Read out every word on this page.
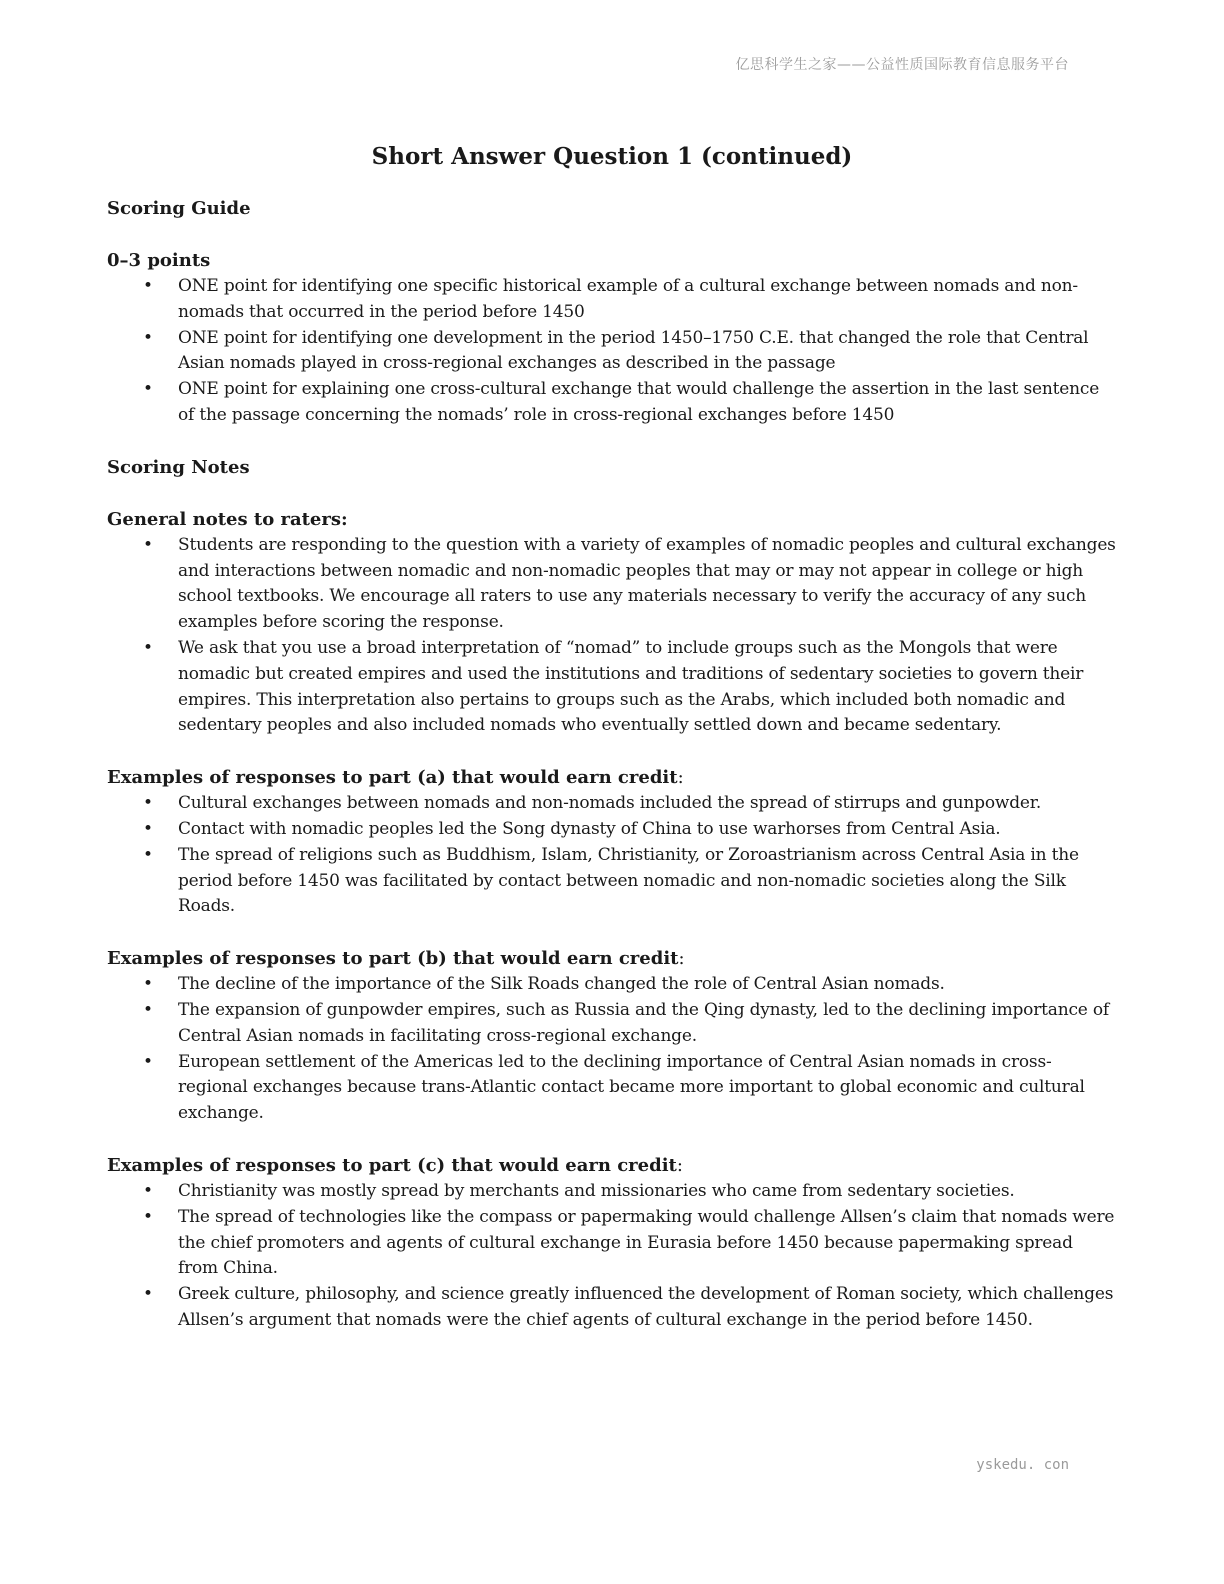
亿思科学生之家——公益性质国际教育信息服务平台
Short Answer Question 1 (continued)
Scoring Guide
0–3 points
• ONE point for identifying one specific historical example of a cultural exchange between nomads and non-nomads that occurred in the period before 1450
• ONE point for identifying one development in the period 1450–1750 C.E. that changed the role that Central Asian nomads played in cross-regional exchanges as described in the passage
• ONE point for explaining one cross-cultural exchange that would challenge the assertion in the last sentence of the passage concerning the nomads’ role in cross-regional exchanges before 1450
Scoring Notes
General notes to raters:
• Students are responding to the question with a variety of examples of nomadic peoples and cultural exchanges and interactions between nomadic and non-nomadic peoples that may or may not appear in college or high school textbooks. We encourage all raters to use any materials necessary to verify the accuracy of any such examples before scoring the response.
• We ask that you use a broad interpretation of “nomad” to include groups such as the Mongols that were nomadic but created empires and used the institutions and traditions of sedentary societies to govern their empires. This interpretation also pertains to groups such as the Arabs, which included both nomadic and sedentary peoples and also included nomads who eventually settled down and became sedentary.
Examples of responses to part (a) that would earn credit:
• Cultural exchanges between nomads and non-nomads included the spread of stirrups and gunpowder.
• Contact with nomadic peoples led the Song dynasty of China to use warhorses from Central Asia.
• The spread of religions such as Buddhism, Islam, Christianity, or Zoroastrianism across Central Asia in the period before 1450 was facilitated by contact between nomadic and non-nomadic societies along the Silk Roads.
Examples of responses to part (b) that would earn credit:
• The decline of the importance of the Silk Roads changed the role of Central Asian nomads.
• The expansion of gunpowder empires, such as Russia and the Qing dynasty, led to the declining importance of Central Asian nomads in facilitating cross-regional exchange.
• European settlement of the Americas led to the declining importance of Central Asian nomads in cross-regional exchanges because trans-Atlantic contact became more important to global economic and cultural exchange.
Examples of responses to part (c) that would earn credit:
• Christianity was mostly spread by merchants and missionaries who came from sedentary societies.
• The spread of technologies like the compass or papermaking would challenge Allsen’s claim that nomads were the chief promoters and agents of cultural exchange in Eurasia before 1450 because papermaking spread from China.
• Greek culture, philosophy, and science greatly influenced the development of Roman society, which challenges Allsen’s argument that nomads were the chief agents of cultural exchange in the period before 1450.
yskedu. con
